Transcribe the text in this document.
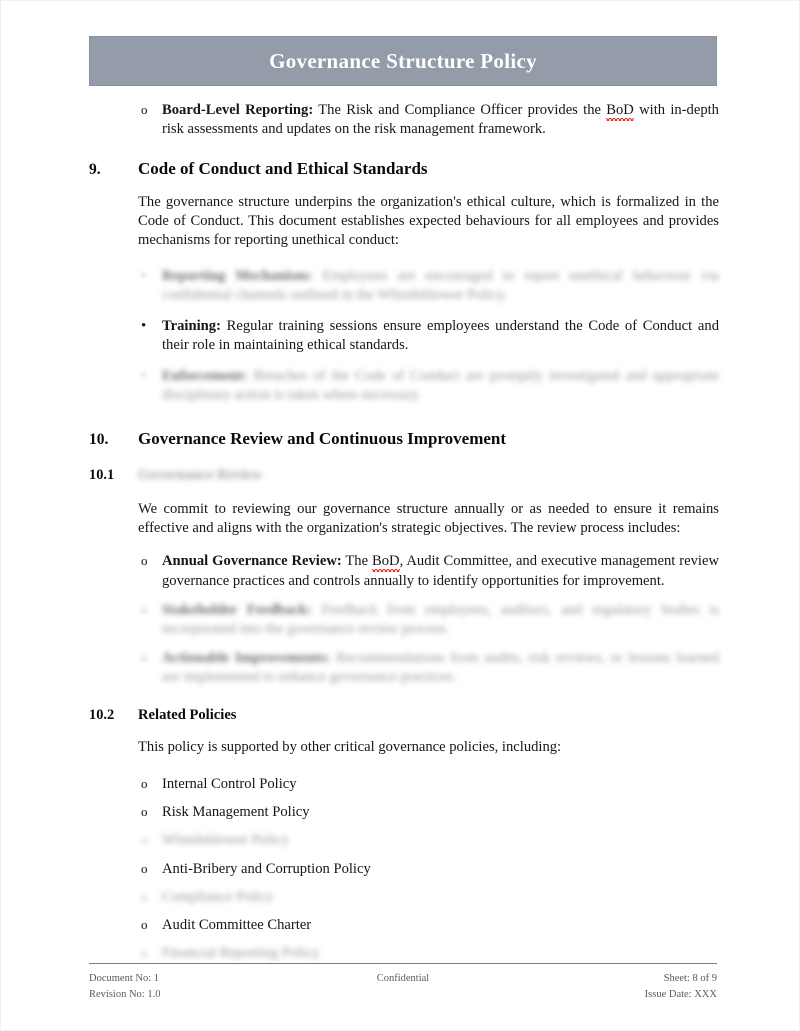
Governance Structure Policy
o Board-Level Reporting: The Risk and Compliance Officer provides the BoD with in-depth risk assessments and updates on the risk management framework.
9.	Code of Conduct and Ethical Standards

The governance structure underpins the organization's ethical culture, which is formalized in the Code of Conduct. This document establishes expected behaviours for all employees and provides mechanisms for reporting unethical conduct:

• Reporting Mechanism: Employees are encouraged to report unethical behaviour via confidential channels outlined in the Whistleblower Policy.
• Training: Regular training sessions ensure employees understand the Code of Conduct and their role in maintaining ethical standards.
• Enforcement: Breaches of the Code of Conduct are promptly investigated and appropriate disciplinary action is taken where necessary.
10.	Governance Review and Continuous Improvement
10.1	Governance Review

We commit to reviewing our governance structure annually or as needed to ensure it remains effective and aligns with the organization's strategic objectives. The review process includes:

o Annual Governance Review: The BoD, Audit Committee, and executive management review governance practices and controls annually to identify opportunities for improvement.
o Stakeholder Feedback: Feedback from employees, auditors, and regulatory bodies is incorporated into the governance review process.
o Actionable Improvements: Recommendations from audits, risk reviews, or lessons learned are implemented to enhance governance practices.
10.2	Related Policies

This policy is supported by other critical governance policies, including:

o Internal Control Policy
o Risk Management Policy
o Whistleblower Policy
o Anti-Bribery and Corruption Policy
o Compliance Policy
o Audit Committee Charter
o Financial Reporting Policy
Document No: 1	Confidential	Sheet: 8 of 9
Revision No: 1.0	Issue Date: XXX
